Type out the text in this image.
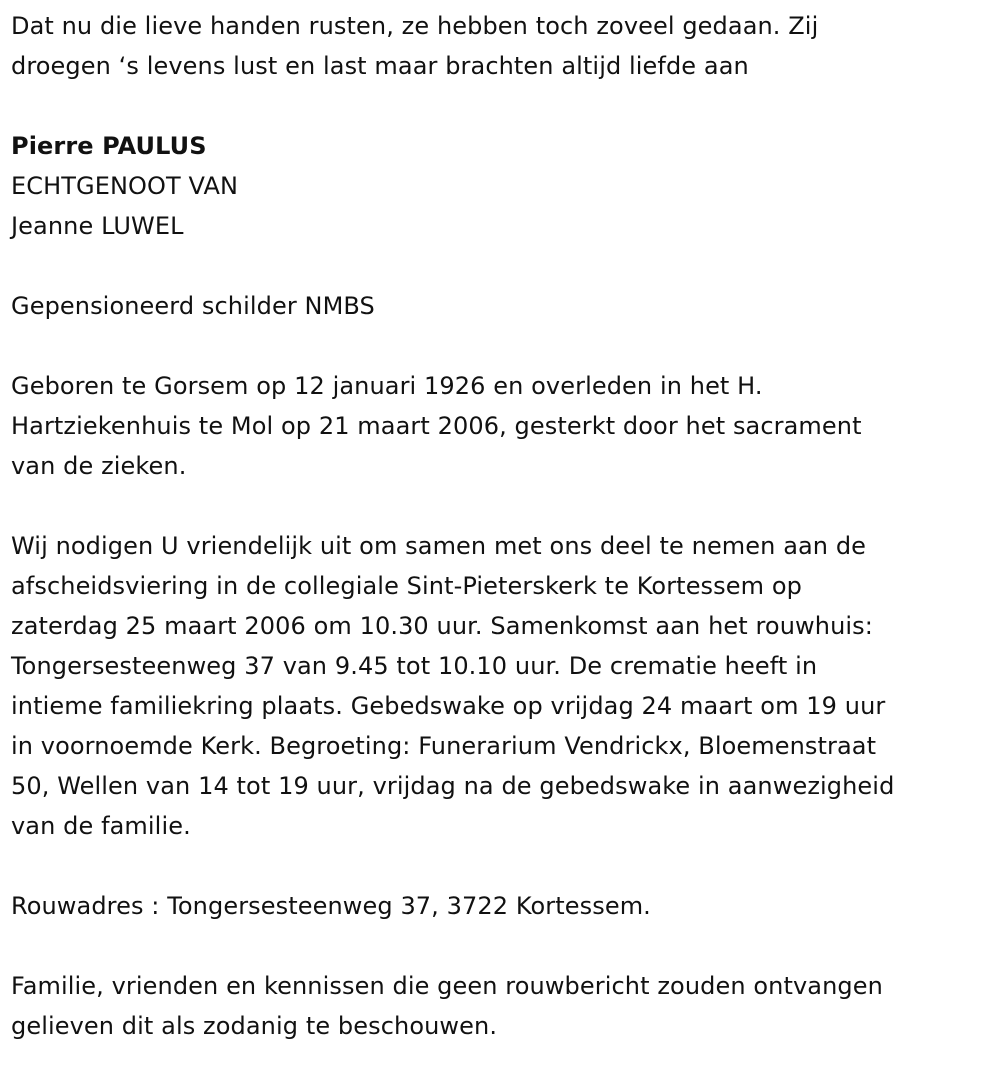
Dat nu die lieve handen rusten, ze hebben toch zoveel gedaan. Zij
droegen ‘s levens lust en last maar brachten altijd liefde aan

Pierre PAULUS

ECHTGENOOT VAN

Jeanne LUWEL

Gepensioneerd schilder NMBS

Geboren te Gorsem op 12 januari 1926 en overleden in het H.
Hartziekenhuis te Mol op 21 maart 2006, gesterkt door het sacrament
van de zieken.

Wij nodigen U vriendelijk uit om samen met ons deel te nemen aan de
afscheidsviering in de collegiale Sint-Pieterskerk te Kortessem op
zaterdag 25 maart 2006 om 10.30 uur. Samenkomst aan het rouwhuis:
Tongersesteenweg 37 van 9.45 tot 10.10 uur. De crematie heeft in
intieme familiekring plaats. Gebedswake op vrijdag 24 maart om 19 uur
in voornoemde Kerk. Begroeting: Funerarium Vendrickx, Bloemenstraat
50, Wellen van 14 tot 19 uur, vrijdag na de gebedswake in aanwezigheid
van de familie.

Rouwadres : Tongersesteenweg 37, 3722 Kortessem.

Familie, vrienden en kennissen die geen rouwbericht zouden ontvangen
gelieven dit als zodanig te beschouwen.
